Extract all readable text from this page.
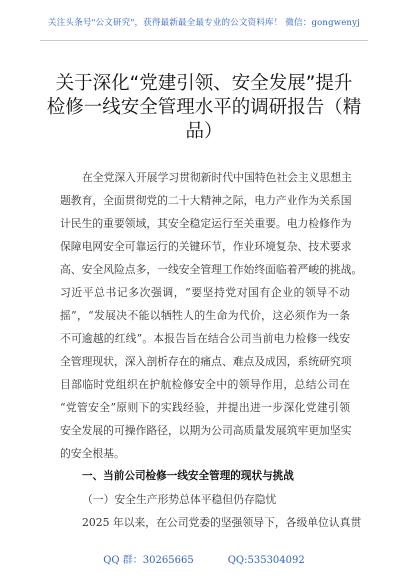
关注头条号"公文研究"，获得最新最全最专业的公文资料库！ 微信：gongwenyj
关于深化“党建引领、安全发展”提升
检修一线安全管理水平的调研报告（精
品）
在全党深入开展学习贯彻新时代中国特色社会主义思想主
题教育，全面贯彻党的二十大精神之际，电力产业作为关系国
计民生的重要领域，其安全稳定运行至关重要。电力检修作为
保障电网安全可靠运行的关键环节，作业环境复杂、技术要求
高、安全风险点多，一线安全管理工作始终面临着严峻的挑战。
习近平总书记多次强调，“要坚持党对国有企业的领导不动
摇”，“发展决不能以牺牲人的生命为代价，这必须作为一条
不可逾越的红线”。本报告旨在结合公司当前电力检修一线安
全管理现状，深入剖析存在的痛点、难点及成因，系统研究项
目部临时党组织在护航检修安全中的领导作用，总结公司在
“党管安全”原则下的实践经验，并提出进一步深化党建引领
安全发展的可操作路径，以期为公司高质量发展筑牢更加坚实
的安全根基。
一、当前公司检修一线安全管理的现状与挑战
（一）安全生产形势总体平稳但仍存隐忧
2025 年以来，在公司党委的坚强领导下，各级单位认真贯
QQ 群：30265665	QQ:535304092
